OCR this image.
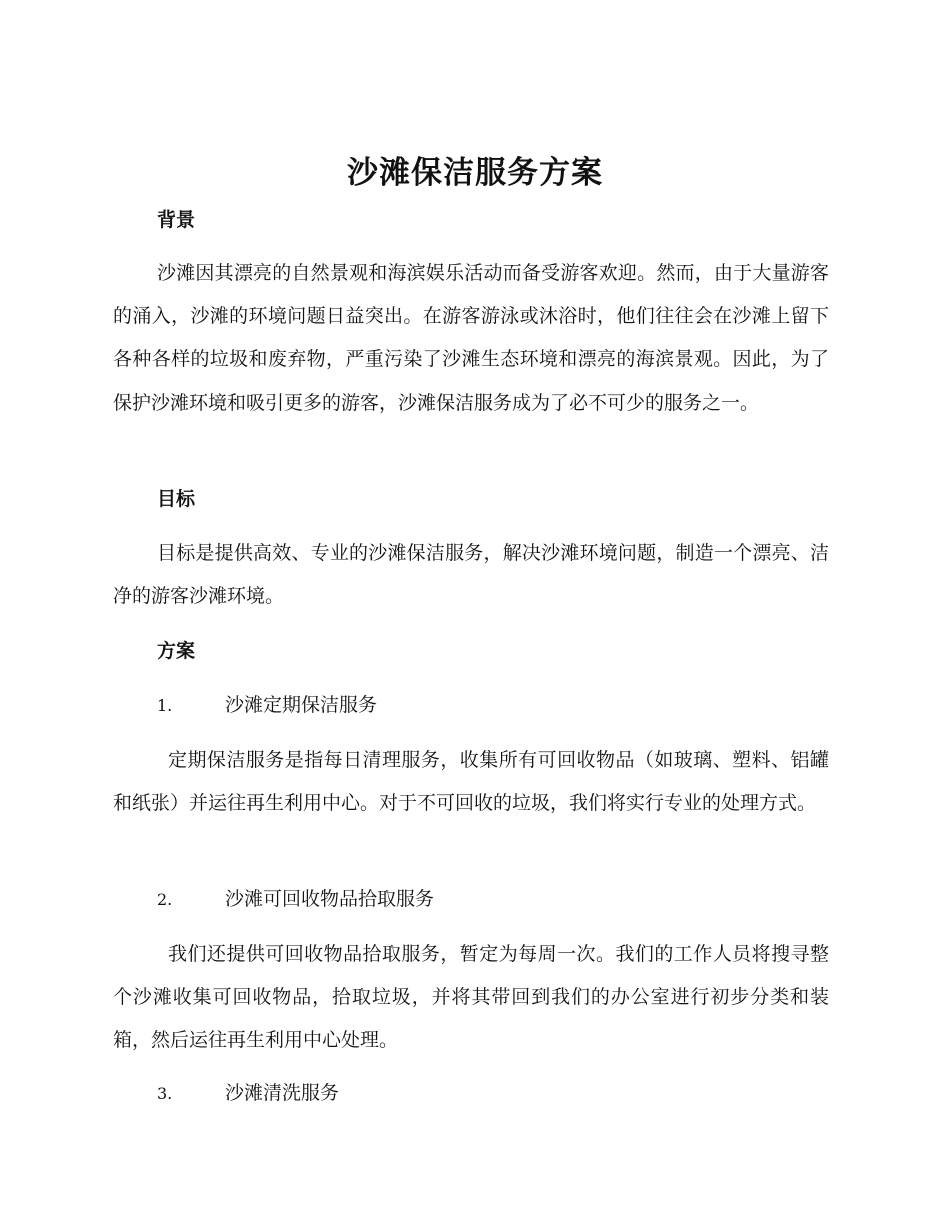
沙滩保洁服务方案
背景

沙滩因其漂亮的自然景观和海滨娱乐活动而备受游客欢迎。然而，由于大量游客的涌入，沙滩的环境问题日益突出。在游客游泳或沐浴时，他们往往会在沙滩上留下各种各样的垃圾和废弃物，严重污染了沙滩生态环境和漂亮的海滨景观。因此，为了保护沙滩环境和吸引更多的游客，沙滩保洁服务成为了必不可少的服务之一。

目标

目标是提供高效、专业的沙滩保洁服务，解决沙滩环境问题，制造一个漂亮、洁净的游客沙滩环境。

方案
1.	沙滩定期保洁服务

定期保洁服务是指每日清理服务，收集所有可回收物品（如玻璃、塑料、铝罐和纸张）并运往再生利用中心。对于不可回收的垃圾，我们将实行专业的处理方式。

2.	沙滩可回收物品拾取服务

我们还提供可回收物品拾取服务，暂定为每周一次。我们的工作人员将搜寻整个沙滩收集可回收物品，拾取垃圾，并将其带回到我们的办公室进行初步分类和装箱，然后运往再生利用中心处理。

3.	沙滩清洗服务
